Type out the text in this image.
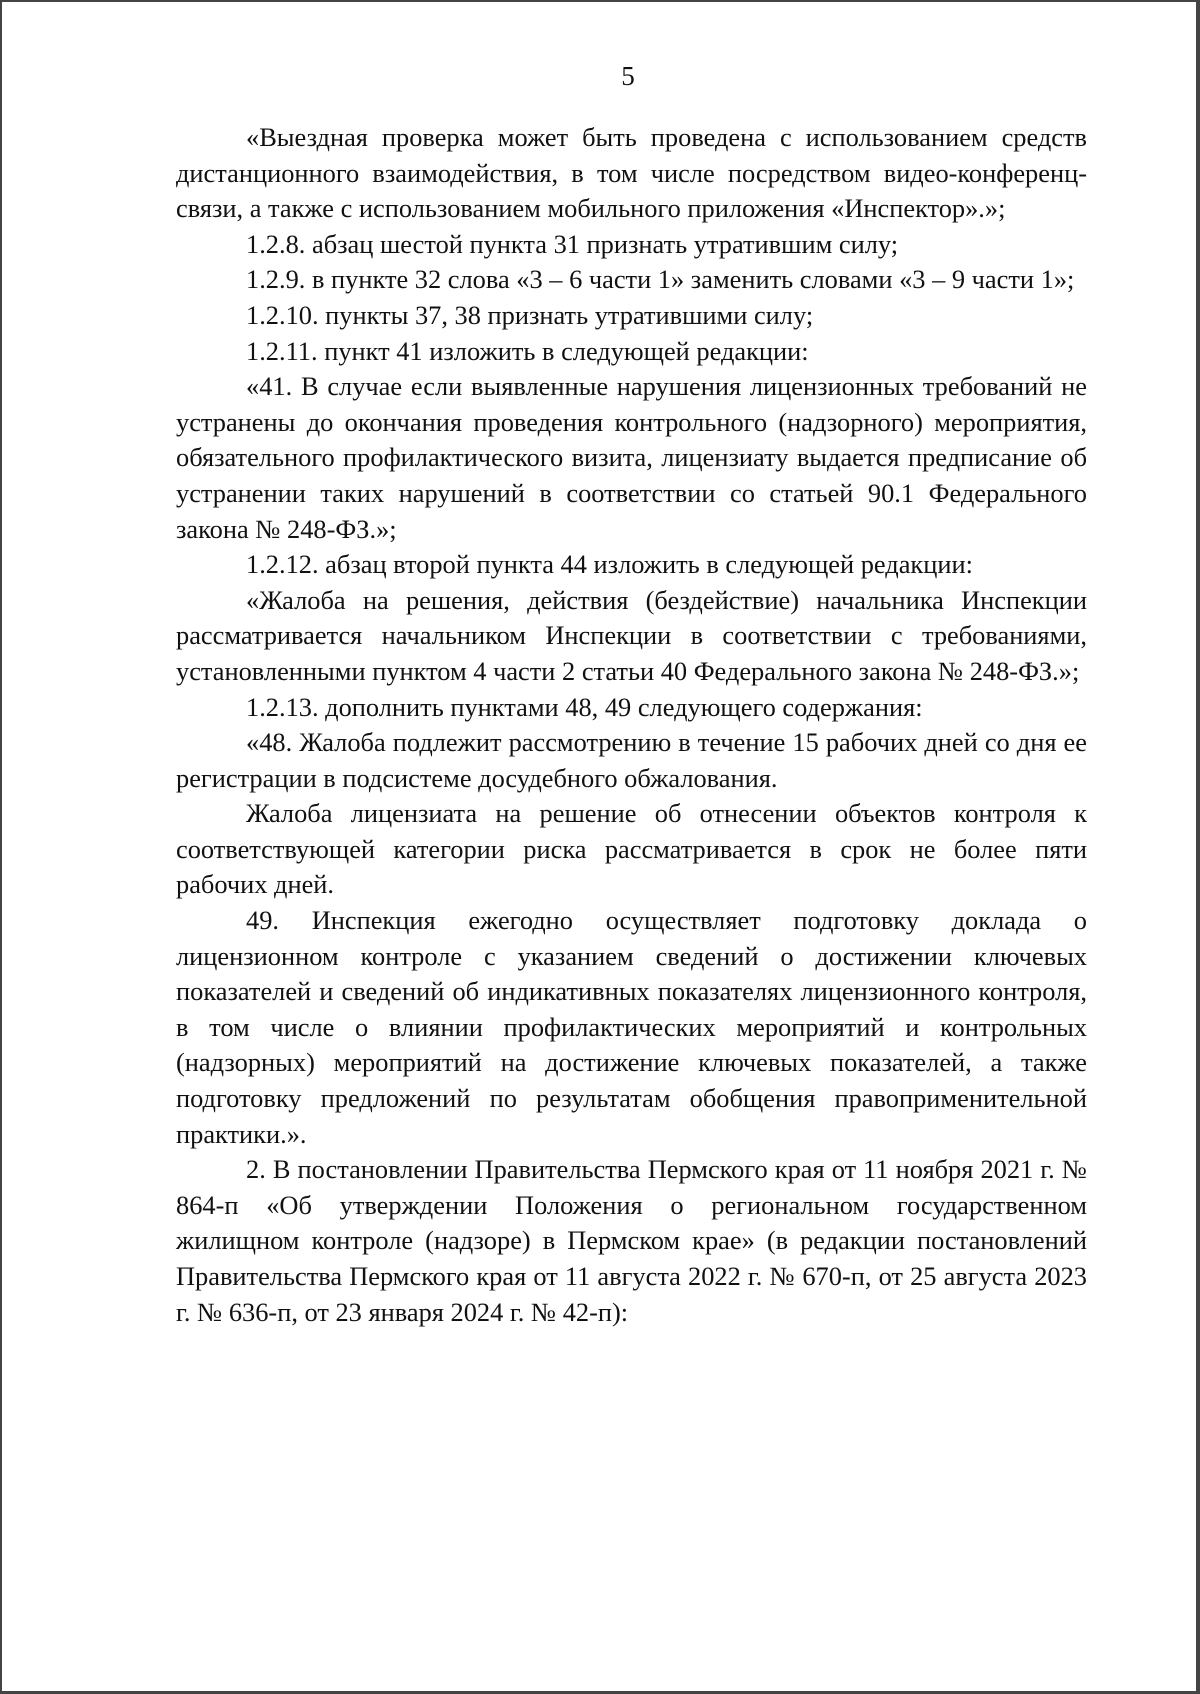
5

«Выездная проверка может быть проведена с использованием средств дистанционного взаимодействия, в том числе посредством видео-конференц-связи, а также с использованием мобильного приложения «Инспектор».»;

1.2.8. абзац шестой пункта 31 признать утратившим силу;

1.2.9. в пункте 32 слова «3 – 6 части 1» заменить словами «3 – 9 части 1»;

1.2.10. пункты 37, 38 признать утратившими силу;

1.2.11. пункт 41 изложить в следующей редакции:

«41. В случае если выявленные нарушения лицензионных требований не устранены до окончания проведения контрольного (надзорного) мероприятия, обязательного профилактического визита, лицензиату выдается предписание об устранении таких нарушений в соответствии со статьей 90.1 Федерального закона № 248-ФЗ.»;

1.2.12. абзац второй пункта 44 изложить в следующей редакции:

«Жалоба на решения, действия (бездействие) начальника Инспекции рассматривается начальником Инспекции в соответствии с требованиями, установленными пунктом 4 части 2 статьи 40 Федерального закона № 248-ФЗ.»;

1.2.13. дополнить пунктами 48, 49 следующего содержания:

«48. Жалоба подлежит рассмотрению в течение 15 рабочих дней со дня ее регистрации в подсистеме досудебного обжалования.

Жалоба лицензиата на решение об отнесении объектов контроля к соответствующей категории риска рассматривается в срок не более пяти рабочих дней.

49. Инспекция ежегодно осуществляет подготовку доклада о лицензионном контроле с указанием сведений о достижении ключевых показателей и сведений об индикативных показателях лицензионного контроля, в том числе о влиянии профилактических мероприятий и контрольных (надзорных) мероприятий на достижение ключевых показателей, а также подготовку предложений по результатам обобщения правоприменительной практики.».

2. В постановлении Правительства Пермского края от 11 ноября 2021 г. № 864-п «Об утверждении Положения о региональном государственном жилищном контроле (надзоре) в Пермском крае» (в редакции постановлений Правительства Пермского края от 11 августа 2022 г. № 670-п, от 25 августа 2023 г. № 636-п, от 23 января 2024 г. № 42-п):
